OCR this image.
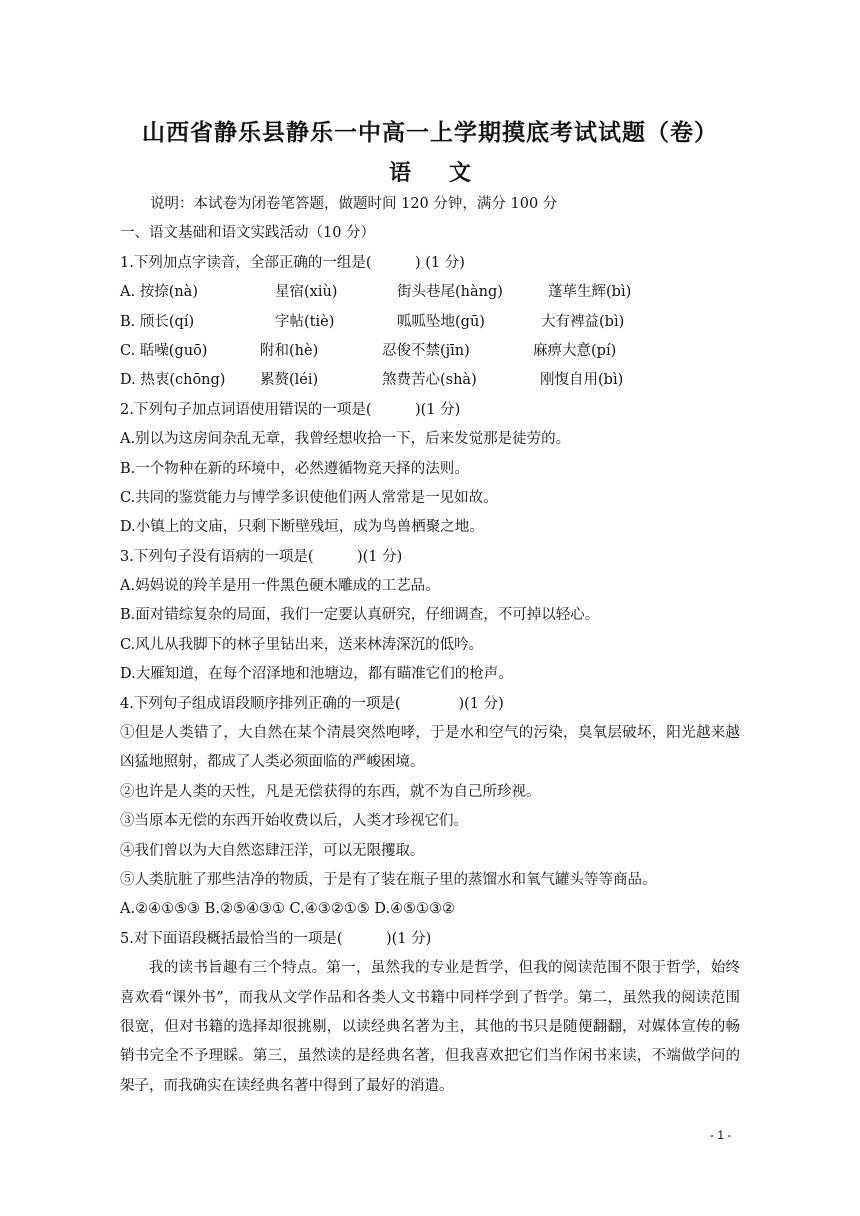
山西省静乐县静乐一中高一上学期摸底考试试题（卷）
语 文
说明：本试卷为闭卷笔答题，做题时间 120 分钟，满分 100 分
一、语文基础和语文实践活动（10 分）
1.下列加点字读音，全部正确的一组是(　　　) (1 分)
A. 按捺(nà)	星宿(xiù)	街头巷尾(hàng)	蓬荜生辉(bì)
B. 颀长(qí)	字帖(tiè)	呱呱坠地(gū)	大有裨益(bì)
C. 聒噪(guō)	附和(hè)	忍俊不禁(jīn)	麻痹大意(pí)
D. 热衷(chōng) 累赘(léi)	煞费苦心(shà)	刚愎自用(bì)
2.下列句子加点词语使用错误的一项是(　　　)(1 分)
A.别以为这房间杂乱无章，我曾经想收拾一下，后来发觉那是徒劳的。
B.一个物种在新的环境中，必然遵循物竞天择的法则。
C.共同的鉴赏能力与博学多识使他们两人常常是一见如故。
D.小镇上的文庙，只剩下断壁残垣，成为鸟兽栖聚之地。
3.下列句子没有语病的一项是(　　　)(1 分)
A.妈妈说的羚羊是用一件黑色硬木雕成的工艺品。
B.面对错综复杂的局面，我们一定要认真研究，仔细调查，不可掉以轻心。
C.风儿从我脚下的林子里钻出来，送来林涛深沉的低吟。
D.大雁知道，在每个沼泽地和池塘边，都有瞄准它们的枪声。
4.下列句子组成语段顺序排列正确的一项是(　　　　)(1 分)
①但是人类错了，大自然在某个清晨突然咆哮，于是水和空气的污染，臭氧层破坏，阳光越来越凶猛地照射，都成了人类必须面临的严峻困境。
②也许是人类的天性，凡是无偿获得的东西，就不为自己所珍视。
③当原本无偿的东西开始收费以后，人类才珍视它们。
④我们曾以为大自然恣肆汪洋，可以无限攫取。
⑤人类肮脏了那些洁净的物质，于是有了装在瓶子里的蒸馏水和氧气罐头等等商品。
A.②④①⑤③ B.②⑤④③① C.④③②①⑤ D.④⑤①③②
5.对下面语段概括最恰当的一项是(　　　)(1 分)
我的读书旨趣有三个特点。第一，虽然我的专业是哲学，但我的阅读范围不限于哲学，始终喜欢看“课外书”，而我从文学作品和各类人文书籍中同样学到了哲学。第二，虽然我的阅读范围很宽，但对书籍的选择却很挑剔，以读经典名著为主，其他的书只是随便翻翻，对媒体宣传的畅销书完全不予理睬。第三，虽然读的是经典名著，但我喜欢把它们当作闲书来读，不端做学问的架子，而我确实在读经典名著中得到了最好的消遣。
- 1 -
